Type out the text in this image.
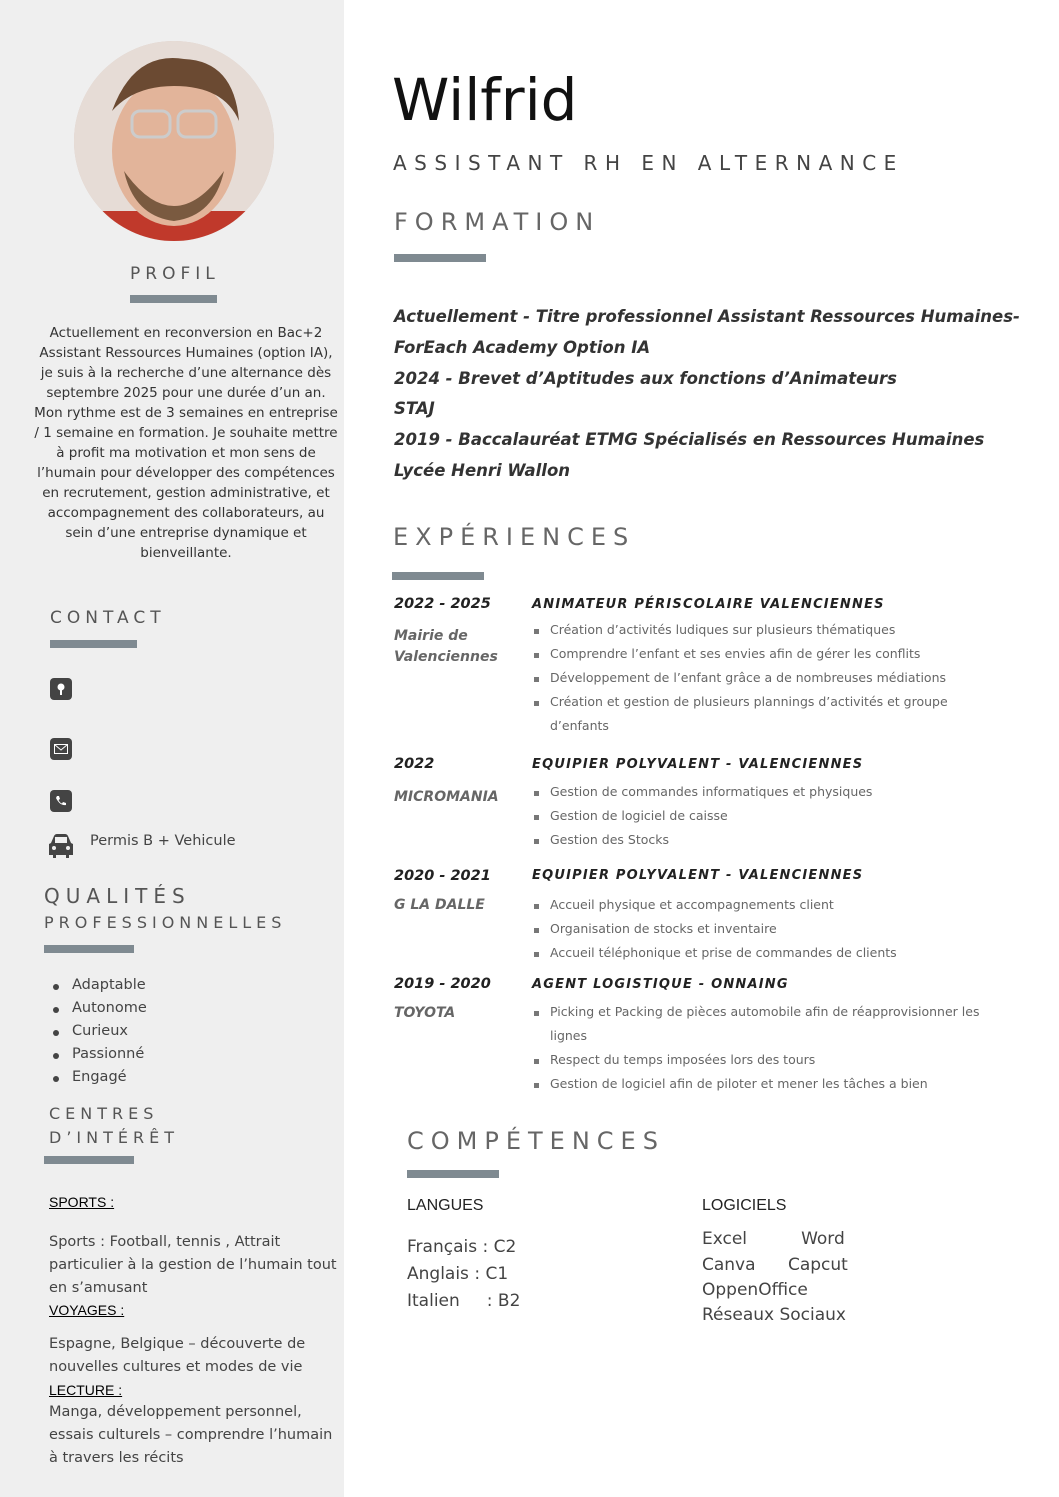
PROFIL
Actuellement en reconversion en Bac+2 Assistant Ressources Humaines (option IA), je suis à la recherche d’une alternance dès septembre 2025 pour une durée d’un an. Mon rythme est de 3 semaines en entreprise / 1 semaine en formation. Je souhaite mettre à profit ma motivation et mon sens de l’humain pour développer des compétences en recrutement, gestion administrative, et accompagnement des collaborateurs, au sein d’une entreprise dynamique et bienveillante.
CONTACT
Permis B + Vehicule
QUALITÉS
PROFESSIONNELLES
Adaptable
Autonome
Curieux
Passionné
Engagé
CENTRES
D’INTÉRÊT
SPORTS :
Sports : Football, tennis , Attrait particulier à la gestion de l’humain tout en s’amusant
VOYAGES :
Espagne, Belgique – découverte de nouvelles cultures et modes de vie
LECTURE :
Manga, développement personnel, essais culturels – comprendre l’humain à travers les récits
Wilfrid
ASSISTANT RH EN ALTERNANCE
FORMATION
Actuellement - Titre professionnel Assistant Ressources Humaines-
ForEach Academy Option IA
2024 - Brevet d’Aptitudes aux fonctions d’Animateurs
STAJ
2019 - Baccalauréat ETMG Spécialisés en Ressources Humaines
Lycée Henri Wallon
EXPÉRIENCES
2022 - 2025
Mairie de Valenciennes
ANIMATEUR PÉRISCOLAIRE VALENCIENNES
Création d’activités ludiques sur plusieurs thématiques
Comprendre l’enfant et ses envies afin de gérer les conflits
Développement de l’enfant grâce a de nombreuses médiations
Création et gestion de plusieurs plannings d’activités et groupe d’enfants
2022
MICROMANIA
EQUIPIER POLYVALENT - VALENCIENNES
Gestion de commandes informatiques et physiques
Gestion de logiciel de caisse
Gestion des Stocks
2020 - 2021
G LA DALLE
EQUIPIER POLYVALENT - VALENCIENNES
Accueil physique et accompagnements client
Organisation de stocks et inventaire
Accueil téléphonique et prise de commandes de clients
2019 - 2020
TOYOTA
AGENT LOGISTIQUE - ONNAING
Picking et Packing de pièces automobile afin de réapprovisionner les lignes
Respect du temps imposées lors des tours
Gestion de logiciel afin de piloter et mener les tâches a bien
COMPÉTENCES
LANGUES
Français : C2
Anglais : C1
Italien     : B2
LOGICIELS
Excel          Word
Canva      Capcut
OppenOffice
Réseaux Sociaux
